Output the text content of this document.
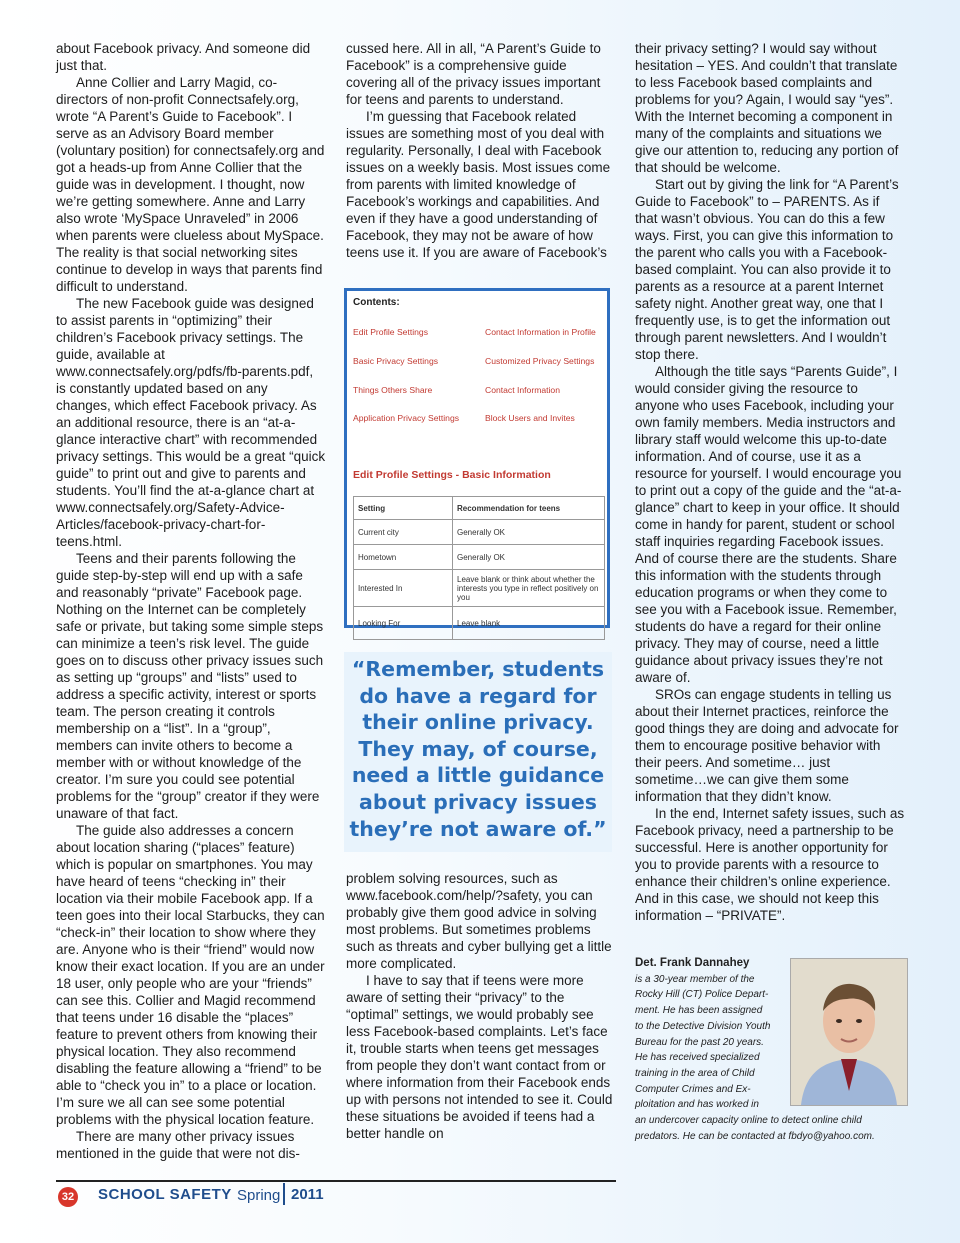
about Facebook privacy. And someone did just that.

Anne Collier and Larry Magid, co-directors of non-profit Connectsafely.org, wrote “A Parent’s Guide to Facebook”. I serve as an Advisory Board member (voluntary position) for connectsafely.org and got a heads-up from Anne Collier that the guide was in development. I thought, now we’re getting somewhere. Anne and Larry also wrote ‘MySpace Unraveled” in 2006 when parents were clueless about MySpace. The reality is that social networking sites continue to develop in ways that parents find difficult to understand.

The new Facebook guide was designed to assist parents in “optimizing” their children’s Facebook privacy settings. The guide, available at www.connectsafely.org/pdfs/fb-parents.pdf, is constantly updated based on any changes, which effect Facebook privacy. As an additional resource, there is an “at-a-glance interactive chart” with recommended privacy settings. This would be a great “quick guide” to print out and give to parents and students. You’ll find the at-a-glance chart at www.connectsafely.org/Safety-Advice-Articles/facebook-privacy-chart-for-teens.html.

Teens and their parents following the guide step-by-step will end up with a safe and reasonably “private” Facebook page. Nothing on the Internet can be completely safe or private, but taking some simple steps can minimize a teen’s risk level. The guide goes on to discuss other privacy issues such as setting up “groups” and “lists” used to address a specific activity, interest or sports team. The person creating it controls membership on a “list”. In a “group”, members can invite others to become a member with or without knowledge of the creator. I’m sure you could see potential problems for the “group” creator if they were unaware of that fact.

The guide also addresses a concern about location sharing (“places” feature) which is popular on smartphones. You may have heard of teens “checking in” their location via their mobile Facebook app. If a teen goes into their local Starbucks, they can “check-in” their location to show where they are. Anyone who is their “friend” would now know their exact location. If you are an under 18 user, only people who are your “friends” can see this. Collier and Magid recommend that teens under 16 disable the “places” feature to prevent others from knowing their physical location. They also recommend disabling the feature allowing a “friend” to be able to “check you in” to a place or location. I’m sure we all can see some potential problems with the physical location feature.

There are many other privacy issues mentioned in the guide that were not dis-

cussed here. All in all, “A Parent’s Guide to Facebook” is a comprehensive guide covering all of the privacy issues important for teens and parents to understand.

I’m guessing that Facebook related issues are something most of you deal with regularity. Personally, I deal with Facebook issues on a weekly basis. Most issues come from parents with limited knowledge of Facebook’s workings and capabilities. And even if they have a good understanding of Facebook, they may not be aware of how teens use it. If you are aware of Facebook’s

Contents:
Edit Profile Settings	Contact Information in Profile
Basic Privacy Settings	Customized Privacy Settings
Things Others Share	Contact Information
Application Privacy Settings	Block Users and Invites
Edit Profile Settings - Basic Information
Setting	Recommendation for teens
Current city	Generally OK
Hometown	Generally OK
Interested In	Leave blank or think about whether the interests you type in reflect positively on you
Looking For	Leave blank
“Remember, students
do have a regard for
their online privacy.
They may, of course,
need a little guidance
about privacy issues
they’re not aware of.”

problem solving resources, such as www.facebook.com/help/?safety, you can probably give them good advice in solving most problems. But sometimes problems such as threats and cyber bullying get a little more complicated.

I have to say that if teens were more aware of setting their “privacy” to the “optimal” settings, we would probably see less Facebook-based complaints. Let’s face it, trouble starts when teens get messages from people they don’t want contact from or where information from their Facebook ends up with persons not intended to see it. Could these situations be avoided if teens had a better handle on

their privacy setting? I would say without hesitation – YES. And couldn’t that translate to less Facebook based complaints and problems for you? Again, I would say “yes”. With the Internet becoming a component in many of the complaints and situations we give our attention to, reducing any portion of that should be welcome.

Start out by giving the link for “A Parent’s Guide to Facebook” to – PARENTS. As if that wasn’t obvious. You can do this a few ways. First, you can give this information to the parent who calls you with a Facebook-based complaint. You can also provide it to parents as a resource at a parent Internet safety night. Another great way, one that I frequently use, is to get the information out through parent newsletters. And I wouldn’t stop there.

Although the title says “Parents Guide”, I would consider giving the resource to anyone who uses Facebook, including your own family members. Media instructors and library staff would welcome this up-to-date information. And of course, use it as a resource for yourself. I would encourage you to print out a copy of the guide and the “at-a-glance” chart to keep in your office. It should come in handy for parent, student or school staff inquiries regarding Facebook issues. And of course there are the students. Share this information with the students through education programs or when they come to see you with a Facebook issue. Remember, students do have a regard for their online privacy. They may of course, need a little guidance about privacy issues they’re not aware of.

SROs can engage students in telling us about their Internet practices, reinforce the good things they are doing and advocate for them to encourage positive behavior with their peers. And sometime… just sometime…we can give them some information that they didn’t know.

In the end, Internet safety issues, such as Facebook privacy, need a partnership to be successful. Here is another opportunity for you to provide parents with a resource to enhance their children’s online experience. And in this case, we should not keep this information – “PRIVATE”.

Det. Frank Dannahey
is a 30-year member of the
Rocky Hill (CT) Police Depart-
ment. He has been assigned
to the Detective Division Youth
Bureau for the past 20 years.
He has received specialized
training in the area of Child
Computer Crimes and Ex-
ploitation and has worked in
an undercover capacity online to detect online child
predators. He can be contacted at fbdyo@yahoo.com.
32 SCHOOL SAFETY Spring 2011
